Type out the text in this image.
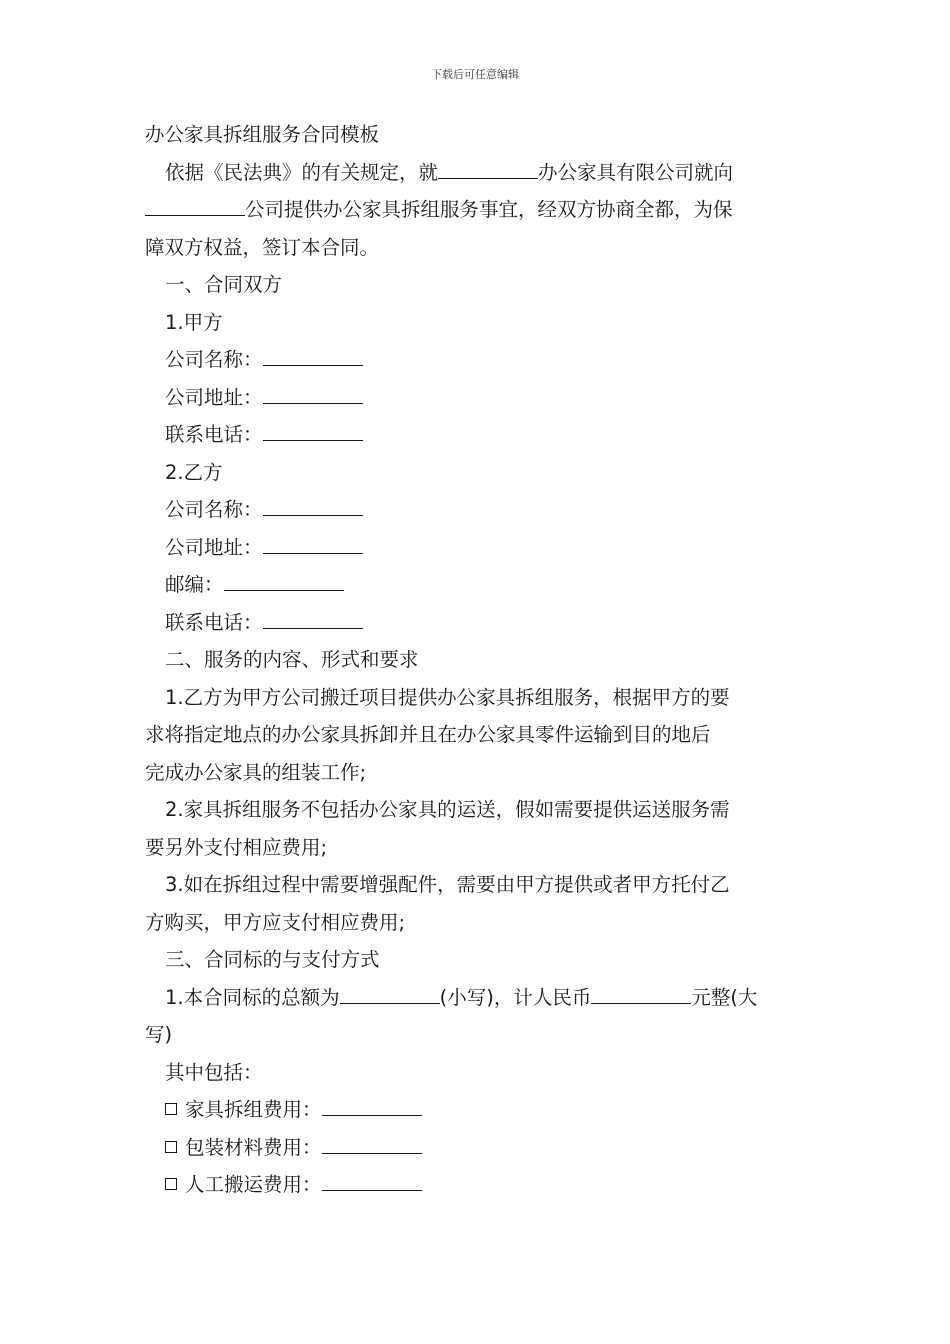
下载后可任意编辑
办公家具拆组服务合同模板
依据《民法典》的有关规定，就	办公家具有限公司就向
公司提供办公家具拆组服务事宜，经双方协商全都，为保
障双方权益，签订本合同。
一、合同双方
1.甲方
公司名称：
公司地址：
联系电话：
2.乙方
公司名称：
公司地址：
邮编：
联系电话：
二、服务的内容、形式和要求
1.乙方为甲方公司搬迁项目提供办公家具拆组服务，根据甲方的要
求将指定地点的办公家具拆卸并且在办公家具零件运输到目的地后
完成办公家具的组装工作;
2.家具拆组服务不包括办公家具的运送，假如需要提供运送服务需
要另外支付相应费用;
3.如在拆组过程中需要增强配件，需要由甲方提供或者甲方托付乙
方购买，甲方应支付相应费用;
三、合同标的与支付方式
1.本合同标的总额为	(小写)，计人民币	元整(大
写)
其中包括：
家具拆组费用：
包装材料费用：
人工搬运费用：
